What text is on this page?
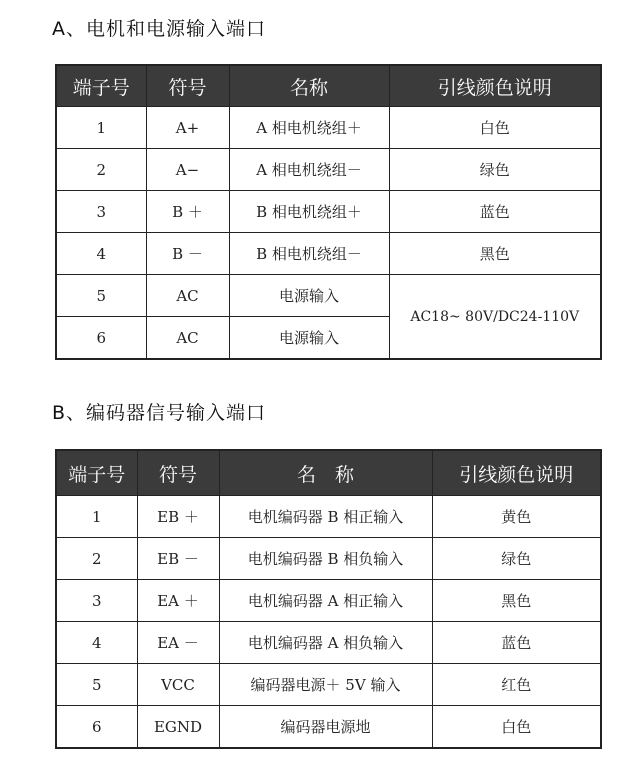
A、电机和电源输入端口
端子号	符号	名称	引线颜色说明
1	A+	A 相电机绕组＋	白色
2	A−	A 相电机绕组－	绿色
3	B ＋	B 相电机绕组＋	蓝色
4	B －	B 相电机绕组－	黑色
5	AC	电源输入	AC18~ 80V/DC24-110V
6	AC	电源输入	
B、编码器信号输入端口
端子号	符号	名　称	引线颜色说明
1	EB ＋	电机编码器 B 相正输入	黄色
2	EB －	电机编码器 B 相负输入	绿色
3	EA ＋	电机编码器 A 相正输入	黑色
4	EA －	电机编码器 A 相负输入	蓝色
5	VCC	编码器电源＋ 5V 输入	红色
6	EGND	编码器电源地	白色
